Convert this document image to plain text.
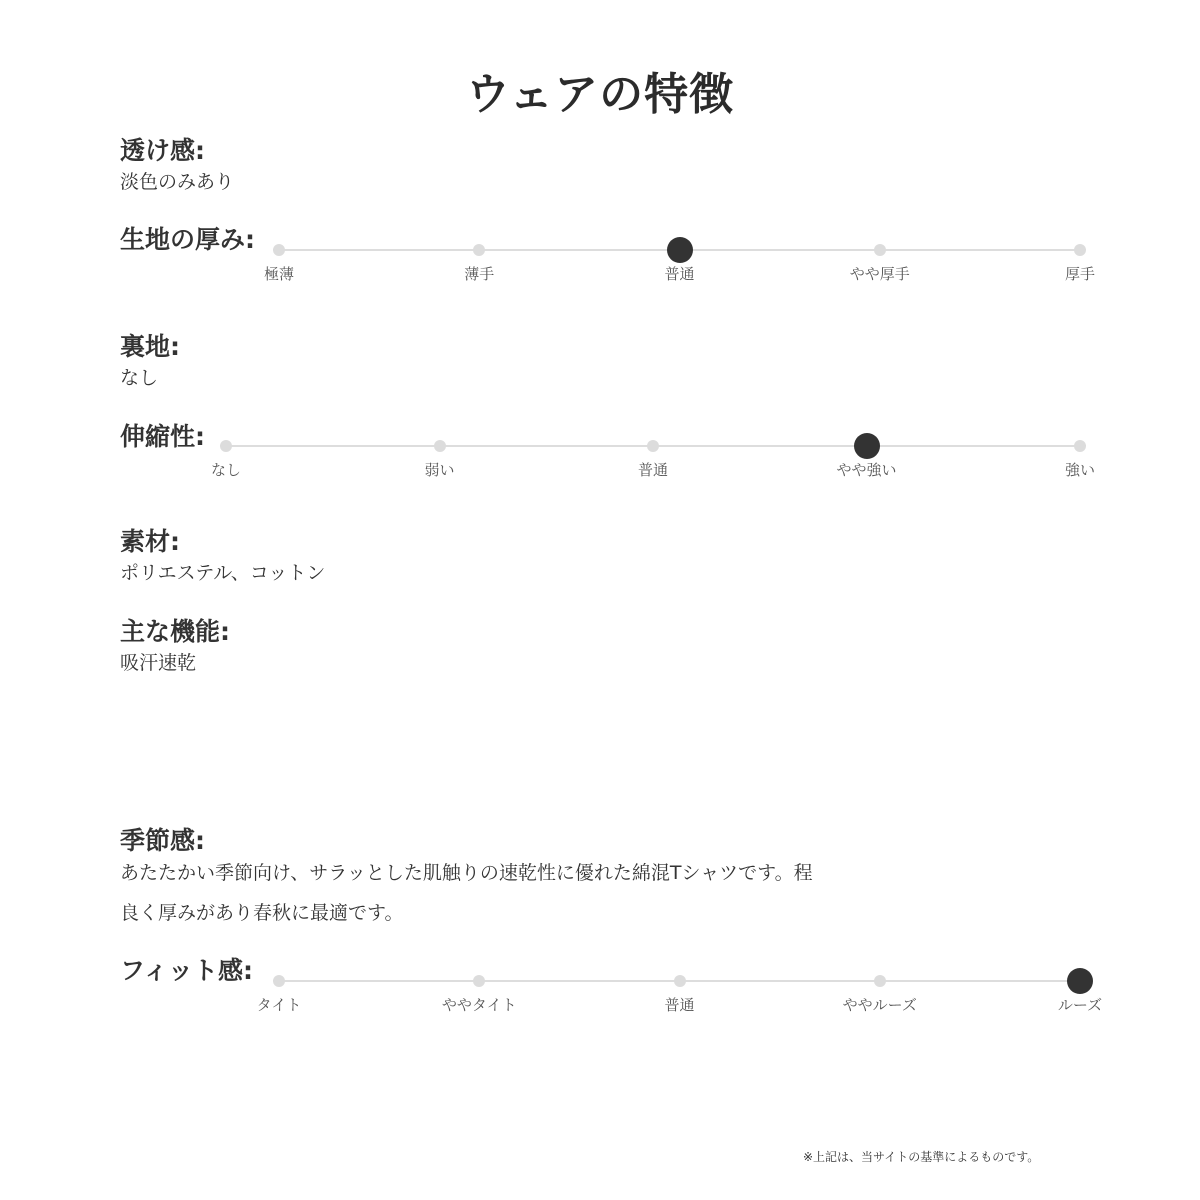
ウェアの特徴
透け感:
淡色のみあり
生地の厚み:
極薄	薄手	普通	やや厚手	厚手
裏地:
なし
伸縮性:
なし	弱い	普通	やや強い	強い
素材:
ポリエステル、コットン
主な機能:
吸汗速乾
季節感:
あたたかい季節向け、サラッとした肌触りの速乾性に優れた綿混Tシャツです。程
良く厚みがあり春秋に最適です。
フィット感:
タイト	ややタイト	普通	ややルーズ	ルーズ
※上記は、当サイトの基準によるものです。
